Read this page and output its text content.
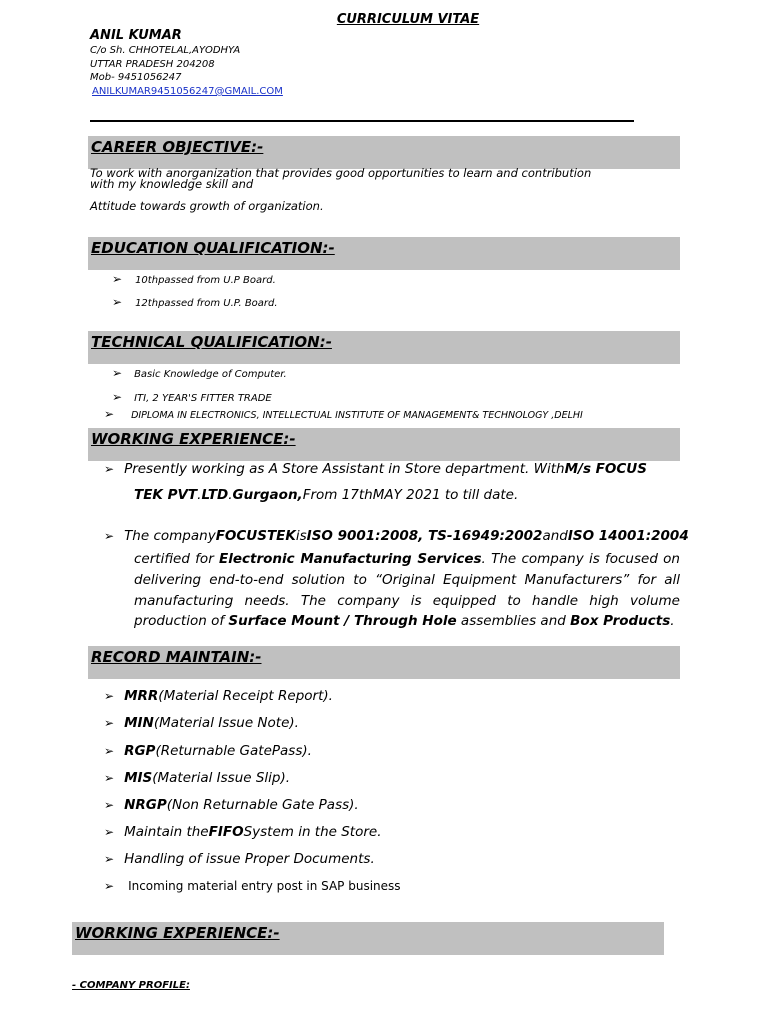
CURRICULUM VITAE
ANIL KUMAR
C/o Sh. CHHOTELAL,AYODHYA
UTTAR PRADESH 204208
Mob- 9451056247
ANILKUMAR9451056247@GMAIL.COM
CAREER OBJECTIVE:-
To work with anorganization that provides good opportunities to learn and contribution
with my knowledge skill and
Attitude towards growth of organization.
EDUCATION QUALIFICATION:-
➢ 10 th passed from U.P Board.
➢ 12 th passed from U.P. Board.
TECHNICAL QUALIFICATION:-
➢ Basic Knowledge of Computer.
➢ ITI, 2 YEAR'S FITTER TRADE
➢ DIPLOMA IN ELECTRONICS, INTELLECTUAL INSTITUTE OF MANAGEMENT& TECHNOLOGY ,DELHI
WORKING EXPERIENCE:-
➢ Presently working as A Store Assistant in Store department. With M/s FOCUS
TEK PVT . LTD . Gurgaon, From 17 th MAY 2021 to till date.
➢ The company FOCUSTEK is ISO 9001:2008, TS-16949:2002 and ISO 14001:2004
certified for Electronic Manufacturing Services. The company is focused on delivering end-to-end solution to “Original Equipment Manufacturers” for all manufacturing needs. The company is equipped to handle high volume production of Surface Mount / Through Hole assemblies and Box Products.
RECORD MAINTAIN:-
➢ MRR (Material Receipt Report).
➢ MIN (Material Issue Note).
➢ RGP (Returnable GatePass).
➢ MIS (Material Issue Slip).
➢ NRGP (Non Returnable Gate Pass).
➢ Maintain the FIFO System in the Store.
➢ Handling of issue Proper Documents.
➢ Incoming material entry post in SAP business
WORKING EXPERIENCE:-
- COMPANY PROFILE:
